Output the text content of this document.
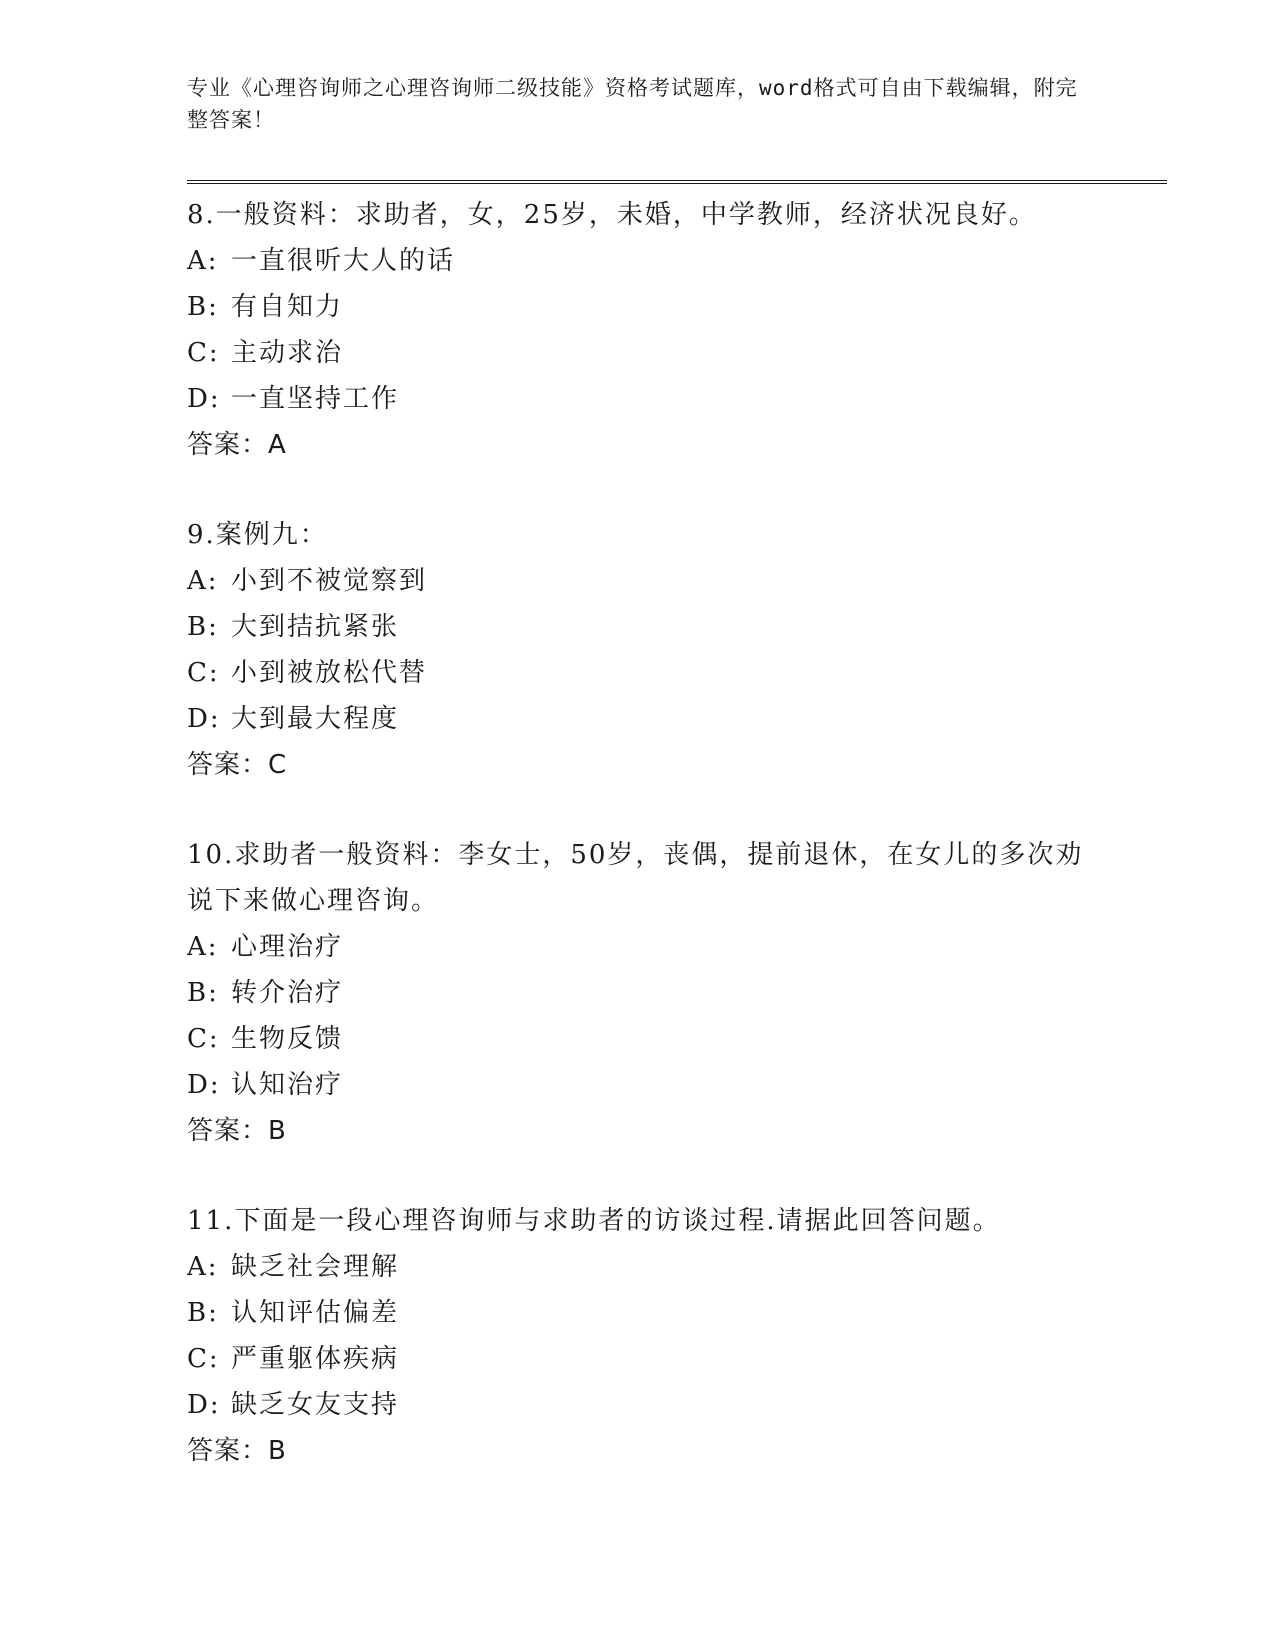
专业《心理咨询师之心理咨询师二级技能》资格考试题库，word格式可自由下载编辑，附完整答案！

8.一般资料：求助者，女，25岁，未婚，中学教师，经济状况良好。

A: 一直很听大人的话

B: 有自知力

C: 主动求治

D: 一直坚持工作

答案：A

9.案例九：

A: 小到不被觉察到

B: 大到拮抗紧张

C: 小到被放松代替

D: 大到最大程度

答案：C

10.求助者一般资料：李女士，50岁，丧偶，提前退休，在女儿的多次劝说下来做心理咨询。

A: 心理治疗

B: 转介治疗

C: 生物反馈

D: 认知治疗

答案：B

11.下面是一段心理咨询师与求助者的访谈过程.请据此回答问题。

A: 缺乏社会理解

B: 认知评估偏差

C: 严重躯体疾病

D: 缺乏女友支持

答案：B
